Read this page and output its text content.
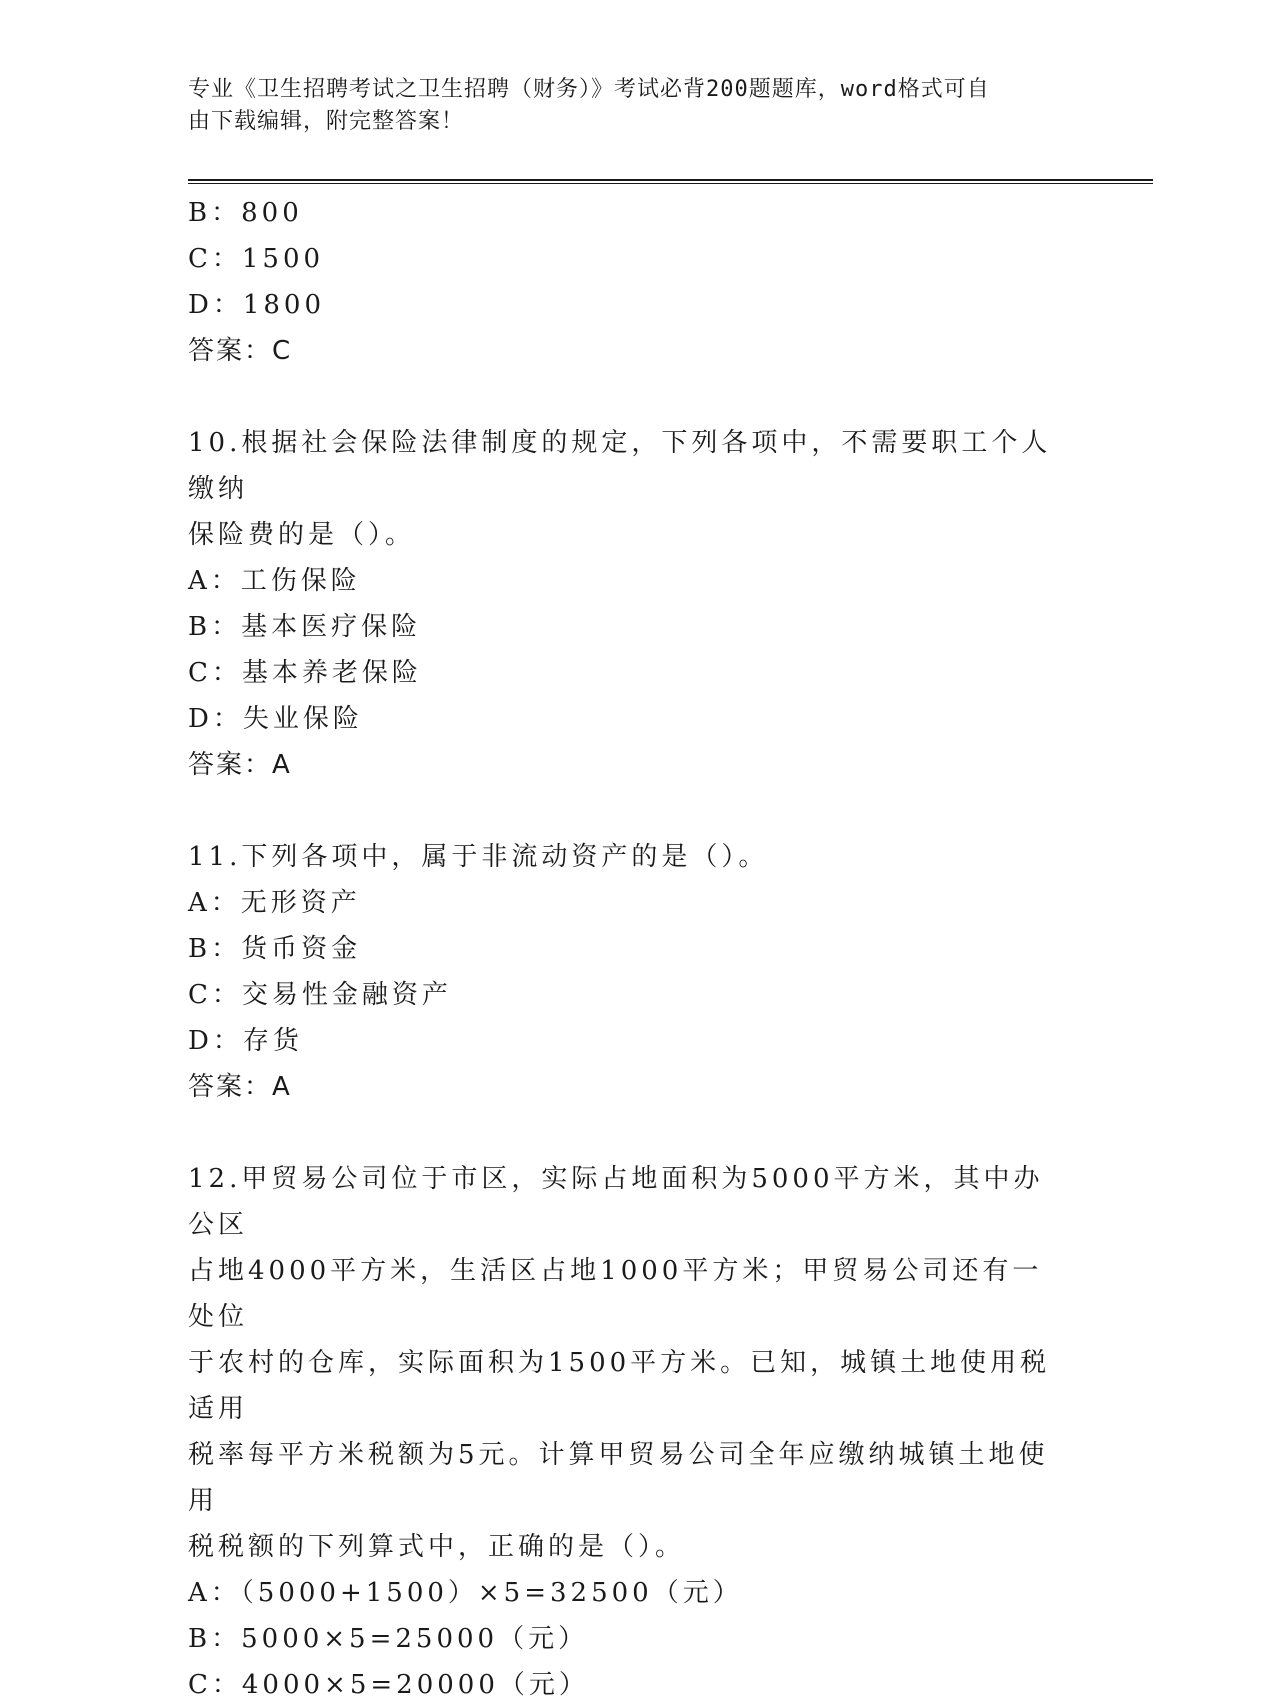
专业《卫生招聘考试之卫生招聘（财务）》考试必背200题题库，word格式可自
由下载编辑，附完整答案！
B：800
C：1500
D：1800
答案：C
10.根据社会保险法律制度的规定，下列各项中，不需要职工个人缴纳
保险费的是（）。
A：工伤保险
B：基本医疗保险
C：基本养老保险
D：失业保险
答案：A
11.下列各项中，属于非流动资产的是（）。
A：无形资产
B：货币资金
C：交易性金融资产
D：存货
答案：A
12.甲贸易公司位于市区，实际占地面积为5000平方米，其中办公区
占地4000平方米，生活区占地1000平方米；甲贸易公司还有一处位
于农村的仓库，实际面积为1500平方米。已知，城镇土地使用税适用
税率每平方米税额为5元。计算甲贸易公司全年应缴纳城镇土地使用
税税额的下列算式中，正确的是（）。
A：（5000+1500）×5=32500（元）
B：5000×5=25000（元）
C：4000×5=20000（元）
